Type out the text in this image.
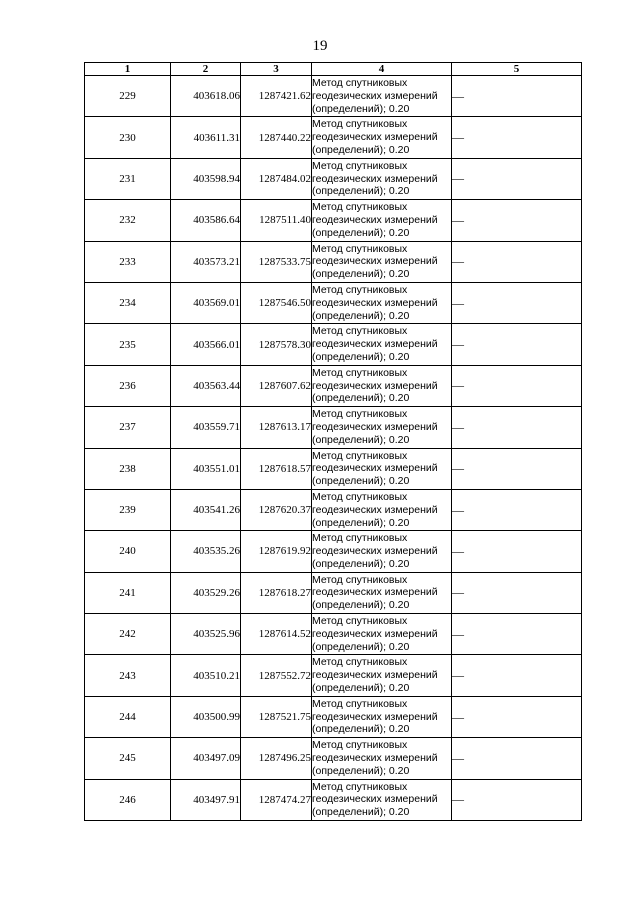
19
1	2	3	4	5
229	403618.06	1287421.62	Метод спутниковых геодезических измерений (определений); 0.20	—
230	403611.31	1287440.22	Метод спутниковых геодезических измерений (определений); 0.20	—
231	403598.94	1287484.02	Метод спутниковых геодезических измерений (определений); 0.20	—
232	403586.64	1287511.40	Метод спутниковых геодезических измерений (определений); 0.20	—
233	403573.21	1287533.75	Метод спутниковых геодезических измерений (определений); 0.20	—
234	403569.01	1287546.50	Метод спутниковых геодезических измерений (определений); 0.20	—
235	403566.01	1287578.30	Метод спутниковых геодезических измерений (определений); 0.20	—
236	403563.44	1287607.62	Метод спутниковых геодезических измерений (определений); 0.20	—
237	403559.71	1287613.17	Метод спутниковых геодезических измерений (определений); 0.20	—
238	403551.01	1287618.57	Метод спутниковых геодезических измерений (определений); 0.20	—
239	403541.26	1287620.37	Метод спутниковых геодезических измерений (определений); 0.20	—
240	403535.26	1287619.92	Метод спутниковых геодезических измерений (определений); 0.20	—
241	403529.26	1287618.27	Метод спутниковых геодезических измерений (определений); 0.20	—
242	403525.96	1287614.52	Метод спутниковых геодезических измерений (определений); 0.20	—
243	403510.21	1287552.72	Метод спутниковых геодезических измерений (определений); 0.20	—
244	403500.99	1287521.75	Метод спутниковых геодезических измерений (определений); 0.20	—
245	403497.09	1287496.25	Метод спутниковых геодезических измерений (определений); 0.20	—
246	403497.91	1287474.27	Метод спутниковых геодезических измерений (определений); 0.20	—
